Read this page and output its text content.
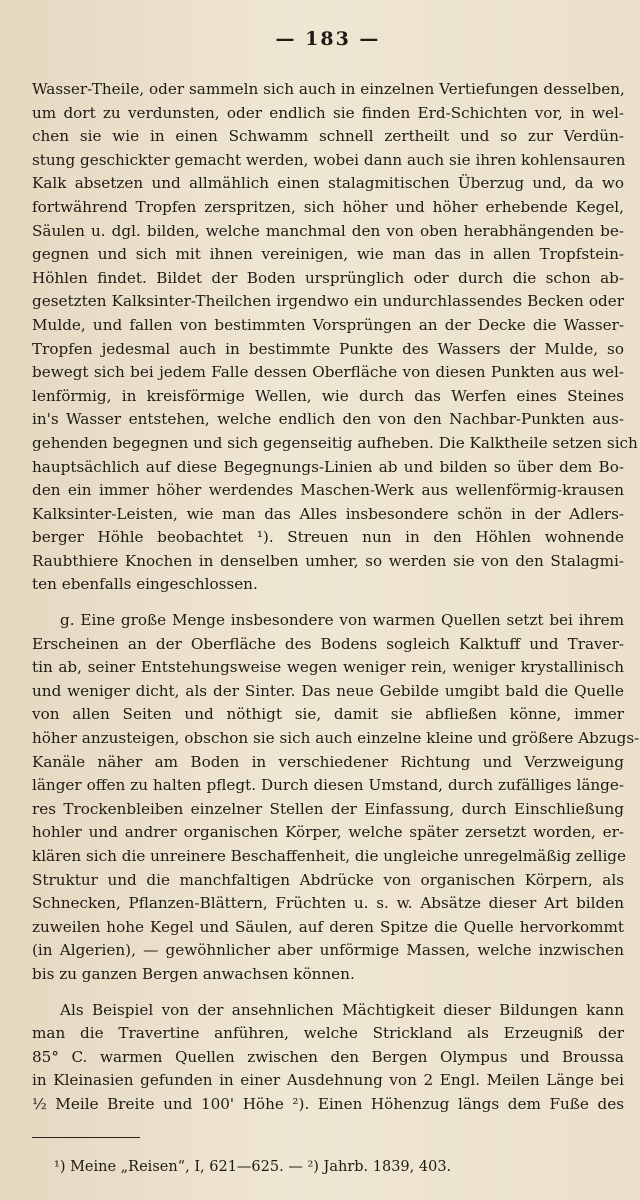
— 183 —
Wasser-Theile, oder sammeln sich auch in einzelnen Vertiefungen desselben,
um dort zu verdunsten, oder endlich sie finden Erd-Schichten vor, in wel-
chen sie wie in einen Schwamm schnell zertheilt und so zur Verdün-
stung geschickter gemacht werden, wobei dann auch sie ihren kohlensauren
Kalk absetzen und allmählich einen stalagmitischen Überzug und, da wo
fortwährend Tropfen zerspritzen, sich höher und höher erhebende Kegel,
Säulen u. dgl. bilden, welche manchmal den von oben herabhängenden be-
gegnen und sich mit ihnen vereinigen, wie man das in allen Tropfstein-
Höhlen findet. Bildet der Boden ursprünglich oder durch die schon ab-
gesetzten Kalksinter-Theilchen irgendwo ein undurchlassendes Becken oder
Mulde, und fallen von bestimmten Vorsprüngen an der Decke die Wasser-
Tropfen jedesmal auch in bestimmte Punkte des Wassers der Mulde, so
bewegt sich bei jedem Falle dessen Oberfläche von diesen Punkten aus wel-
lenförmig, in kreisförmige Wellen, wie durch das Werfen eines Steines
in's Wasser entstehen, welche endlich den von den Nachbar-Punkten aus-
gehenden begegnen und sich gegenseitig aufheben. Die Kalktheile setzen sich
hauptsächlich auf diese Begegnungs-Linien ab und bilden so über dem Bo-
den ein immer höher werdendes Maschen-Werk aus wellenförmig-krausen
Kalksinter-Leisten, wie man das Alles insbesondere schön in der Adlers-
berger Höhle beobachtet ¹). Streuen nun in den Höhlen wohnende
Raubthiere Knochen in denselben umher, so werden sie von den Stalagmi-
ten ebenfalls eingeschlossen.
g. Eine große Menge insbesondere von warmen Quellen setzt bei ihrem
Erscheinen an der Oberfläche des Bodens sogleich Kalktuff und Traver-
tin ab, seiner Entstehungsweise wegen weniger rein, weniger krystallinisch
und weniger dicht, als der Sinter. Das neue Gebilde umgibt bald die Quelle
von allen Seiten und nöthigt sie, damit sie abfließen könne, immer
höher anzusteigen, obschon sie sich auch einzelne kleine und größere Abzugs-
Kanäle näher am Boden in verschiedener Richtung und Verzweigung
länger offen zu halten pflegt. Durch diesen Umstand, durch zufälliges länge-
res Trockenbleiben einzelner Stellen der Einfassung, durch Einschließung
hohler und andrer organischen Körper, welche später zersetzt worden, er-
klären sich die unreinere Beschaffenheit, die ungleiche unregelmäßig zellige
Struktur und die manchfaltigen Abdrücke von organischen Körpern, als
Schnecken, Pflanzen-Blättern, Früchten u. s. w. Absätze dieser Art bilden
zuweilen hohe Kegel und Säulen, auf deren Spitze die Quelle hervorkommt
(in Algerien), — gewöhnlicher aber unförmige Massen, welche inzwischen
bis zu ganzen Bergen anwachsen können.
Als Beispiel von der ansehnlichen Mächtigkeit dieser Bildungen kann
man die Travertine anführen, welche Strickland als Erzeugniß der
85° C. warmen Quellen zwischen den Bergen Olympus und Broussa
in Kleinasien gefunden in einer Ausdehnung von 2 Engl. Meilen Länge bei
½ Meile Breite und 100' Höhe ²). Einen Höhenzug längs dem Fuße des
¹) Meine „Reisen“, I, 621—625. — ²) Jahrb. 1839, 403.
